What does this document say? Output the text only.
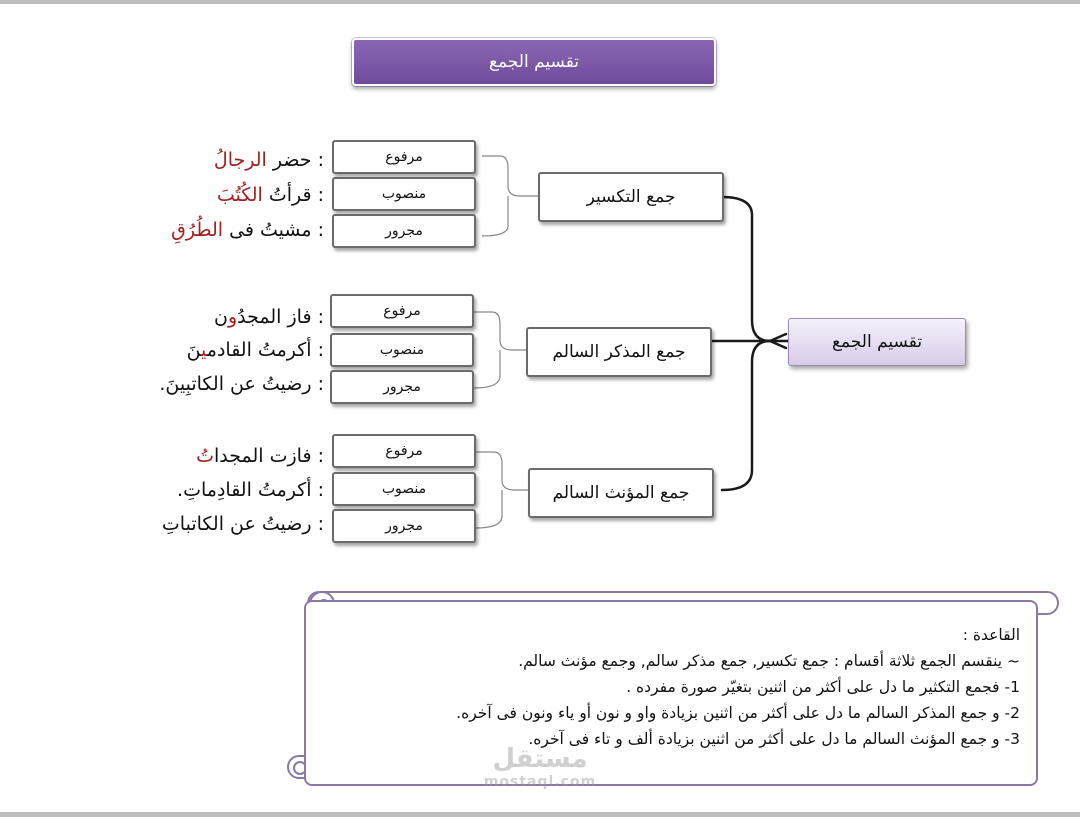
تقسيم الجمع
تقسيم الجمع
جمع التكسير
مرفوع
منصوب
مجرور
: حضر الرجالُ
: قرأتُ الكُتُبَ
: مشيتُ فى الطُرُقِ
جمع المذكر السالم
مرفوع
منصوب
مجرور
: فاز المجدُون
: أكرمتُ القادمينَ
: رضيتُ عن الكاتبِينَ.
جمع المؤنث السالم
مرفوع
منصوب
مجرور
: فازت المجداتُ
: أكرمتُ القادِماتِ.
: رضيتُ عن الكاتباتِ
القاعدة :
~ ينقسم الجمع ثلاثة أقسام : جمع تكسير, جمع مذكر سالم, وجمع مؤنث سالم.
1- فجمع التكثير ما دل على أكثر من اثنين بتغيّر صورة مفرده .
2- و جمع المذكر السالم ما دل على أكثر من اثنين بزيادة واو و نون أو ياء ونون فى آخره.
3- و جمع المؤنث السالم ما دل على أكثر من اثنين بزيادة ألف و تاء فى آخره.
مستقل
mostaql.com
